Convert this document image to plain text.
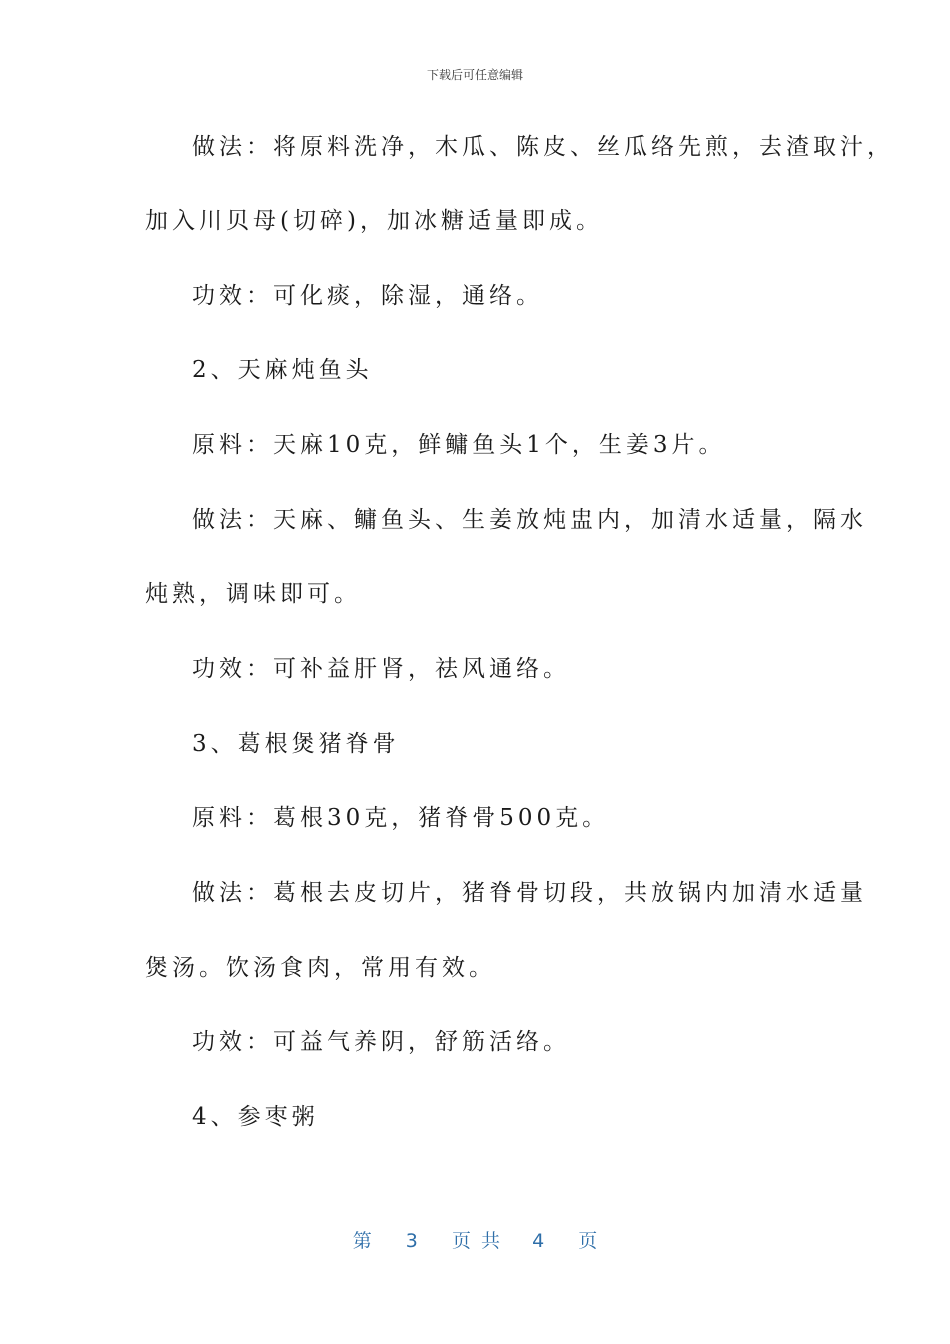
下载后可任意编辑
做法：将原料洗净，木瓜、陈皮、丝瓜络先煎，去渣取汁，
加入川贝母(切碎)，加冰糖适量即成。
功效：可化痰，除湿，通络。
2、天麻炖鱼头
原料：天麻10克，鲜鳙鱼头1个，生姜3片。
做法：天麻、鳙鱼头、生姜放炖盅内，加清水适量，隔水
炖熟，调味即可。
功效：可补益肝肾，祛风通络。
3、葛根煲猪脊骨
原料：葛根30克，猪脊骨500克。
做法：葛根去皮切片，猪脊骨切段，共放锅内加清水适量
煲汤。饮汤食肉，常用有效。
功效：可益气养阴，舒筋活络。
4、参枣粥
第 3 页共 4 页
